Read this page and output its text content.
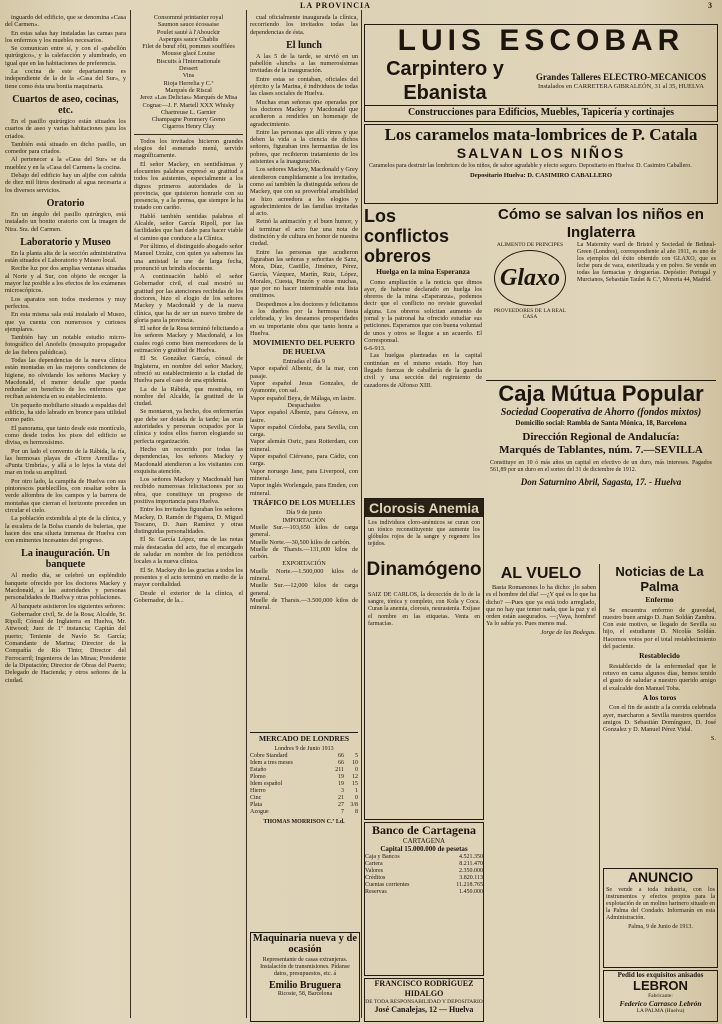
LA PROVINCIA	3

inguardo del edificio, que se denomina «Casa del Carmen».

En estas salas hay instaladas las camas para los enfermos y los muebles necesarios.

Se comunican entre sí, y con el «pabellón quirúrgico», y la calefacción y alumbrado, en igual que en las habitaciones de preferencia.

La cocina de este departamento es independiente de la de la «Casa del Sur», y tiene como ésta una bonita maquinaria.

Cuartos de aseo, cocinas, etc.

En el pasillo quirúrgico están situados los cuartos de aseo y varias habitaciones para los criados.

También está situado en dicho pasillo, un comedor para criados.

Al pertenecer a la «Casa del Sur» se da mueblez y en la «Casa del Carmen» la cocina.

Debajo del edificio hay un aljibe con cabida de diez mil litros destinado al agua necesaria a los diversos servicios.

Oratorio

En un ángulo del pasillo quirúrgico, está instalado un bonito oratorio con la imagen de Ntra. Sra. del Carmen.

Laboratorio y Museo

En la planta alta de la sección administrativa están situados el Laboratorio y Museo local.

Recibe luz por dos amplias ventanas situadas al Norte y al Sur, con objeto de recoger la mayor luz posible a los efectos de los exámenes microscópicos.

Los aparatos son todos modernos y muy perfectos.

En esta misma sala está instalado el Museo, que ya cuenta con numerosos y curiosos ejemplares.

También hay un notable estudio micro-fotográfico del Anofelis (mosquito propagador de las fiebres palúdicas).

Todas las dependencias de la nueva clínica están montadas en las mejores condiciones de higiene, no olvidando los señores Mackey y Macdonald, el menor detalle que pueda redundar en beneficio de los enfermos que reciban asistencia en su establecimiento.

Un pequeño mobiliario situado a espaldas del edificio, ha sido labrado en bronce para utilidad como patio.

El panorama, que tanto desde este montículo, como desde todos los pisos del edificio se divisa, es hermosísimo.

Por un lado el convento de la Rábida, la ría, las hermosas playas de «Torre Arenilla» y «Punta Umbría», y allá a lo lejos la vista del mar en toda su amplitud.

Por otro lado, la campiña de Huelva con sus pintorescos pueblecillos, con resaltar sobre la verde alfombra de los campos y la barrera de montañas que cierran el horizonte preceden un circular el cielo.

La población extendida al pie de la clínica, y la escalera de la Bolsa cuando de bulerias, que hacen dos una silueta inmensa de Huelva con con eminentes incesantes del progreso.

La inauguración. Un banquete

Al medio día, se celebró un espléndido banquete ofrecido por los doctores Mackey y Macdonald, a las autoridades y personas personalidades de Huelva y otras poblaciones.

Al banquete asistieron los siguientes señores:

Gobernador civil, Sr. de la Rosa; Alcalde, Sr. Ripoll; Cónsul de Inglaterra en Huelva, Mr. Attwood; Juez de 1ª instancia; Capitán del puerto; Teniente de Navío Sr. García; Comandante de Marina; Director de la Compañía de Río Tinto; Director del Ferrocarril; Ingenieros de las Minas; Presidente de la Diputación; Director de Obras del Puerto; Delegado de Hacienda; y otros señores de la ciudad.

Consommé printanier royal
Saumon sauce écossaise
Poulet sauté à l'Abouckir
Asperges sauce Chablis
Filet de bœuf rôti, pommes soufflées
Mousse glacé Louise
Biscuits à l'Internationale
Dessert
Vins
Rioja Herrelia y C.ª
Marqués de Riscal
Jerez «Las Delicias» Marqués de Misa
Cognac—J. F. Martell XXX Whisky
Chartreuse L. Garnier
Champagne Pommery Greno
Cigarros Henry Clay

Todos los invitados hicieron grandes elogios del esmerado menú, servido magníficamente.

El señor Mackey, en sentidísimas y elocuentes palabras expresó su gratitud a todos los asistentes, especialmente a los dignos primeros autoridades de la provincia, que quisieron honrarle con su presencia, y a la prensa, que siempre le ha tratado con cariño.

Habló también sentidas palabras el Alcalde, señor García Ripoll, por las facilidades que han dado para hacer viable el camino que conduce a la Clínica.

Por último, el distinguido abogado señor Manuel Urzáiz, con quien ya sabemos las una amistad le une de larga fecha, pronunció un brindis elocuente.

A continuación habló el señor Gobernador civil, el cual mostró su gratitud por las atenciones recibidas de los doctores, hizo el elogio de los señores Mackey y Macdonald y de la nueva clínica, que ha de ser un nuevo timbre de gloria para la provincia.

El señor de la Rosa terminó felicitando a los señores Mackey y Macdonald, a los cuales rogó como bien merecedores de la estimación y gratitud de Huelva.

El Sr. González García, cónsul de Inglaterra, en nombre del señor Mackey, ofreció su establecimiento a la ciudad de Huelva para el caso de una epidemia.

La de la Rábida, que mostraba, en nombre del Alcalde, la gratitud de la ciudad.

Se montaron, ya hecho, dos enfermerías que debe ser dotada de la tarde; las eran autoridades y personas ocupados por la clínica y todos ellos fueron elogiando su perfecta organización.

Hecho un recorrido por todas las dependencias, los señores Mackey y Macdonald atendieron a los visitantes con exquisita atención.

Los señores Mackey y Macdonald han recibido numerosas felicitaciones por su obra, que constituye un progreso de positiva importancia para Huelva.

Entre los invitados figuraban los señores Mackey, D. Ramón de Figuera, D. Miguel Toscano, D. Juan Ramírez y otras distinguidas personalidades.

El Sr. García López, una de las notas más destacadas del acto, fue el encargado de saludar en nombre de los periódicos locales a la nueva clínica.

El Sr. Mackey dio las gracias a todos los presentes y el acto terminó en medio de la mayor cordialidad.

Desde el exterior de la clínica, el Gobernador, de la...

cual oficialmente inaugurada la clínica, recorriendo los invitados todas las dependencias de ésta.

El lunch

A las 5 de la tarde, se sirvió en un pabellón «lunch» a las numerosísimas invitadas de la inauguración.

Entre estas se contaban, oficiales del ejército y la Marina, é individuos de todas las clases sociales de Huelva.

Muchas eran señoras que operadas por los doctores Mackey y Macdonald que acudieron a rendirles un homenaje de agradecimiento.

Entre las personas que allí vimos y que deben la vida a la ciencia de dichos señores, figuraban tres hermanitas de los pobres, que recibieron tratamiento de los asistentes a la inauguración.

Los señores Mackey, Macdonald y Grey atendieron cumplidamente a los invitados, como así también la distinguida señora de Mackey, que con su proverbial amabilidad se hizo acreedora a los elogios y agradecimientos de las familias invitadas al acto.

Reinó la animación y el buen humor, y al terminar el acto fue una nota de distinción y de cultura en honor de nuestra ciudad.

Entre las personas que acudieron figuraban las señoras y señoritas de Sanz, Mora, Díaz, Castillo, Jiménez, Pérez, García, Vázquez, Martín, Ruiz, López, Morales, Cuesta, Pinzón y otras muchas, que por no hacer interminable esta lista omitimos.

Despedimos a los doctores y felicitamos a los dueños por la hermosa fiesta celebrada, y les deseamos prosperidades en su importante obra que tanto honra a Huelva.

MOVIMIENTO DEL PUERTO DE HUELVA
Entradas el día 9
Vapor español Albeniz, de la mar, con pasaje.
Vapor español Jesus Gonzales, de Ayamonte, con sal.
Vapor español Beya, de Málaga, en lastre.
Despachados
Vapor español Albeniz, para Génova, en lastre.
Vapor español Córdoba, para Sevilla, con carga.
Vapor alemán Osric, para Rotterdam, con mineral.
Vapor español Ciérvano, para Cádiz, con carga.
Vapor noruego Jane, para Liverpool, con mineral.
Vapor inglés Worlengale, para Emden, con mineral.
TRÁFICO DE LOS MUELLES
Día 9 de junio
IMPORTACIÓN
Muelle Sur.—103,650 kilos de carga general.
Muelle Norte.—30,500 kilos de carbón.
Muelle de Tharsis.—131,000 kilos de carbón.
EXPORTACIÓN
Muelle Norte.—1.500,000 kilos de mineral.
Muelle Sur.—12,000 kilos de carga general.
Muelle de Tharsis.—3.500,000 kilos de mineral.
MERCADO DE LONDRES
Londres 9 de Junio 1913
Cobre Standard	66	5
Idem a tres meses	66	10
Estaño	211	0
Plomo	19	12
Idem español	19	15
Hierro	3	1
Cinc	21	0
Plata	27	3/8
Azogue	7	8
THOMAS MORRISON C.ª Ld.
Maquinaria nueva y de ocasión
Representante de casas extranjeras. Instalación de transmisiones. Pídanse datos, presupuestos, etc. á
Emilio Bruguera
Ricoste, 58, Barcelona
LUIS ESCOBAR
Carpintero y Ebanista
Grandes Talleres ELECTRO-MECANICOS
Instalados en CARRETERA GIBRALEÓN, 31 al 35, HUELVA
Construcciones para Edificios, Muebles, Tapicería y cortinajes
Los caramelos mata-lombrices de P. Catala
SALVAN LOS NIÑOS
Caramelos para destruir las lombrices de los niños, de sabor agradable y efecto seguro. Depositario en Huelva: D. Casimiro Caballero.
Depositario Huelva: D. CASIMIRO CABALLERO
Los conflictos obreros
Huelga en la mina Esperanza

Como ampliación a la noticia que dimos ayer, de haberse declarado en huelga los obreros de la mina «Esperanza», podemos decir que el conflicto no reviste gravedad alguna. Los obreros solicitan aumento de jornal y la patronal ha ofrecido estudiar sus peticiones. Esperamos que con buena voluntad de unos y otros se llegue a un acuerdo. El Corresponsal.

6-6-913.

Las huelgas planteadas en la capital continúan en el mismo estado. Hoy han llegado fuerzas de caballería de la guardia civil y una sección del regimiento de cazadores de Alfonso XIII.

Cómo se salvan los niños en Inglaterra
ALIMENTO DE PRINCIPES
Glaxo
PROVEEDORES DE LA REAL CASA
La Maternity ward de Bristol y Sociedad de Bethnal-Green (Londres), correspondiente al año 1911, es uno de los ejemplos del éxito obtenido con GLAXO, que es leche pura de vaca, esterilizada y en polvo. Se vende en todas las farmacias y droguerías. Depósito: Portugal y Murcianos, Sebastián Taulet & C.ª, Moreria 44, Madrid.
Caja Mútua Popular
Sociedad Cooperativa de Ahorro (fondos mixtos)
Domicilio social: Rambla de Santa Mónica, 18, Barcelona
Dirección Regional de Andalucía:
Marqués de Tablantes, núm. 7.—SEVILLA
Constituye en 10 ó más años un capital en efectivo de un duro, más intereses. Pagados 561,89 por un duro en el sorteo del 31 de diciembre de 1912.
Don Saturnino Abril, Sagasta, 17. - Huelva
Clorosis Anemia
Los individuos cloro-anémicos se curan con un tónico reconstituyente que aumente los glóbulos rojos de la sangre y regenere los tejidos.
Dinamógeno
SAIZ DE CARLOS, la decocción de lo de la sangre, tónica y completo, con Kola y Coca. Curan la anemia, clorosis, neurastenia. Exíjase el nombre en las etiquetas. Venta en farmacias.
Banco de Cartagena
CARTAGENA
Capital 15.000.000 de pesetas
Caja y Bancos	4.521.350
Cartera	8.211.470
Valores	2.350.000
Créditos	3.820.113
Cuentas corrientes	11.218.765
Reservas	1.450.000
FRANCISCO RODRÍGUEZ HIDALGO
DE TODA RESPONSABILIDAD Y DEPOSITARIO
José Canalejas, 12 — Huelva
AL VUELO

Basta Romanones lo ha dicho: ¡lo saben es el hombre del día! —¿Y qué es lo que ha dicho? —Pues que ya está todo arreglado, que no hay que temer nada, que la paz y el orden están asegurados. —¡Vaya, hombre! Ya lo sabía yo. Pues menos mal.

Jorge de las Bodegas.
Noticias de La Palma
Enfermo

Se encuentra enfermo de gravedad, nuestro buen amigo D. Juan Soldán Zambra. Con este motivo, se llegado de Sevilla su hijo, el estudiante D. Nicolás Soldán. Hacemos votos por el total restablecimiento del paciente.

Restablecido

Restablecido de la enfermedad que le retuvo en cama algunos días, hemos tenido el gusto de saludar a nuestro querido amigo el exalcalde don Manuel Toba.

A los toros

Con el fin de asistir a la corrida celebrada ayer, marcharon a Sevilla nuestros queridos amigos D. Sebastián Domínguez, D. José Gonzalez y D. Manuel Pérez Vidal.

S.
ANUNCIO
Se vende a toda industria, con los instrumentos y efectos propios para la explotación de un molino harinero situado en la Palma del Condado. Informarán en esta Administración.
Palma, 9 de Junio de 1913.
Pedid los exquisitos anisados
LEBRON
Fabricante:
Federico Carrasco Lebrón
LA PALMA (Huelva)
